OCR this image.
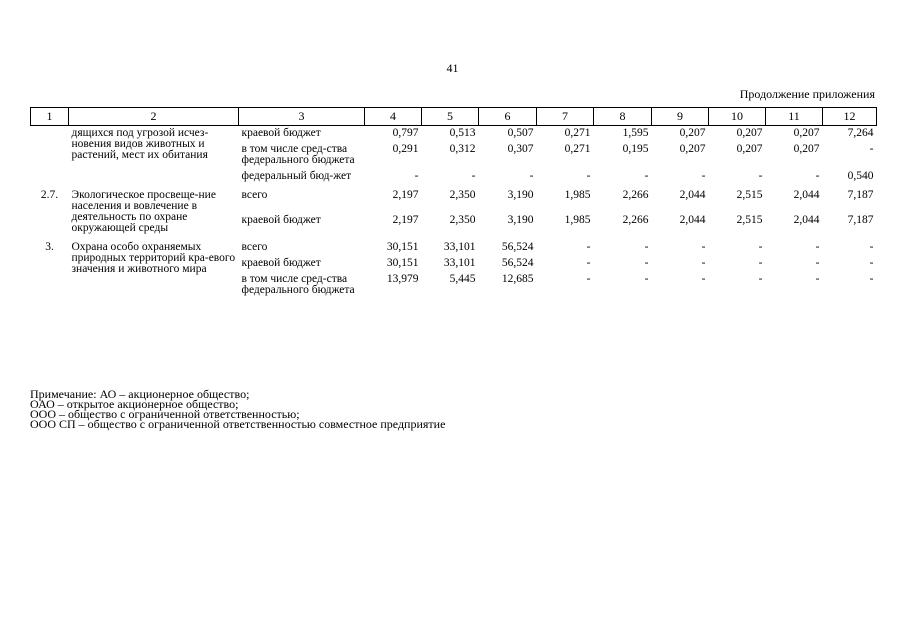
41
Продолжение приложения
1	2	3	4	5	6	7	8	9	10	11	12
	дящихся под угрозой исчез-новения видов животных и растений, мест их обитания	краевой бюджет	0,797	0,513	0,507	0,271	1,595	0,207	0,207	0,207	7,264
		в том числе сред-ства федерального бюджета	0,291	0,312	0,307	0,271	0,195	0,207	0,207	0,207	-
		федеральный бюд-жет	-	-	-	-	-	-	-	-	0,540
2.7.	Экологическое просвеще-ние населения и вовлечение в деятельность по охране окружающей среды	всего	2,197	2,350	3,190	1,985	2,266	2,044	2,515	2,044	7,187
		краевой бюджет	2,197	2,350	3,190	1,985	2,266	2,044	2,515	2,044	7,187
3.	Охрана особо охраняемых природных территорий кра-евого значения и животного мира	всего	30,151	33,101	56,524	-	-	-	-	-	-
		краевой бюджет	30,151	33,101	56,524	-	-	-	-	-	-
		в том числе сред-ства федерального бюджета	13,979	5,445	12,685	-	-	-	-	-	-
Примечание: АО – акционерное общество;
ОАО – открытое акционерное общество;
ООО – общество с ограниченной ответственностью;
ООО СП – общество с ограниченной ответственностью совместное предприятие
